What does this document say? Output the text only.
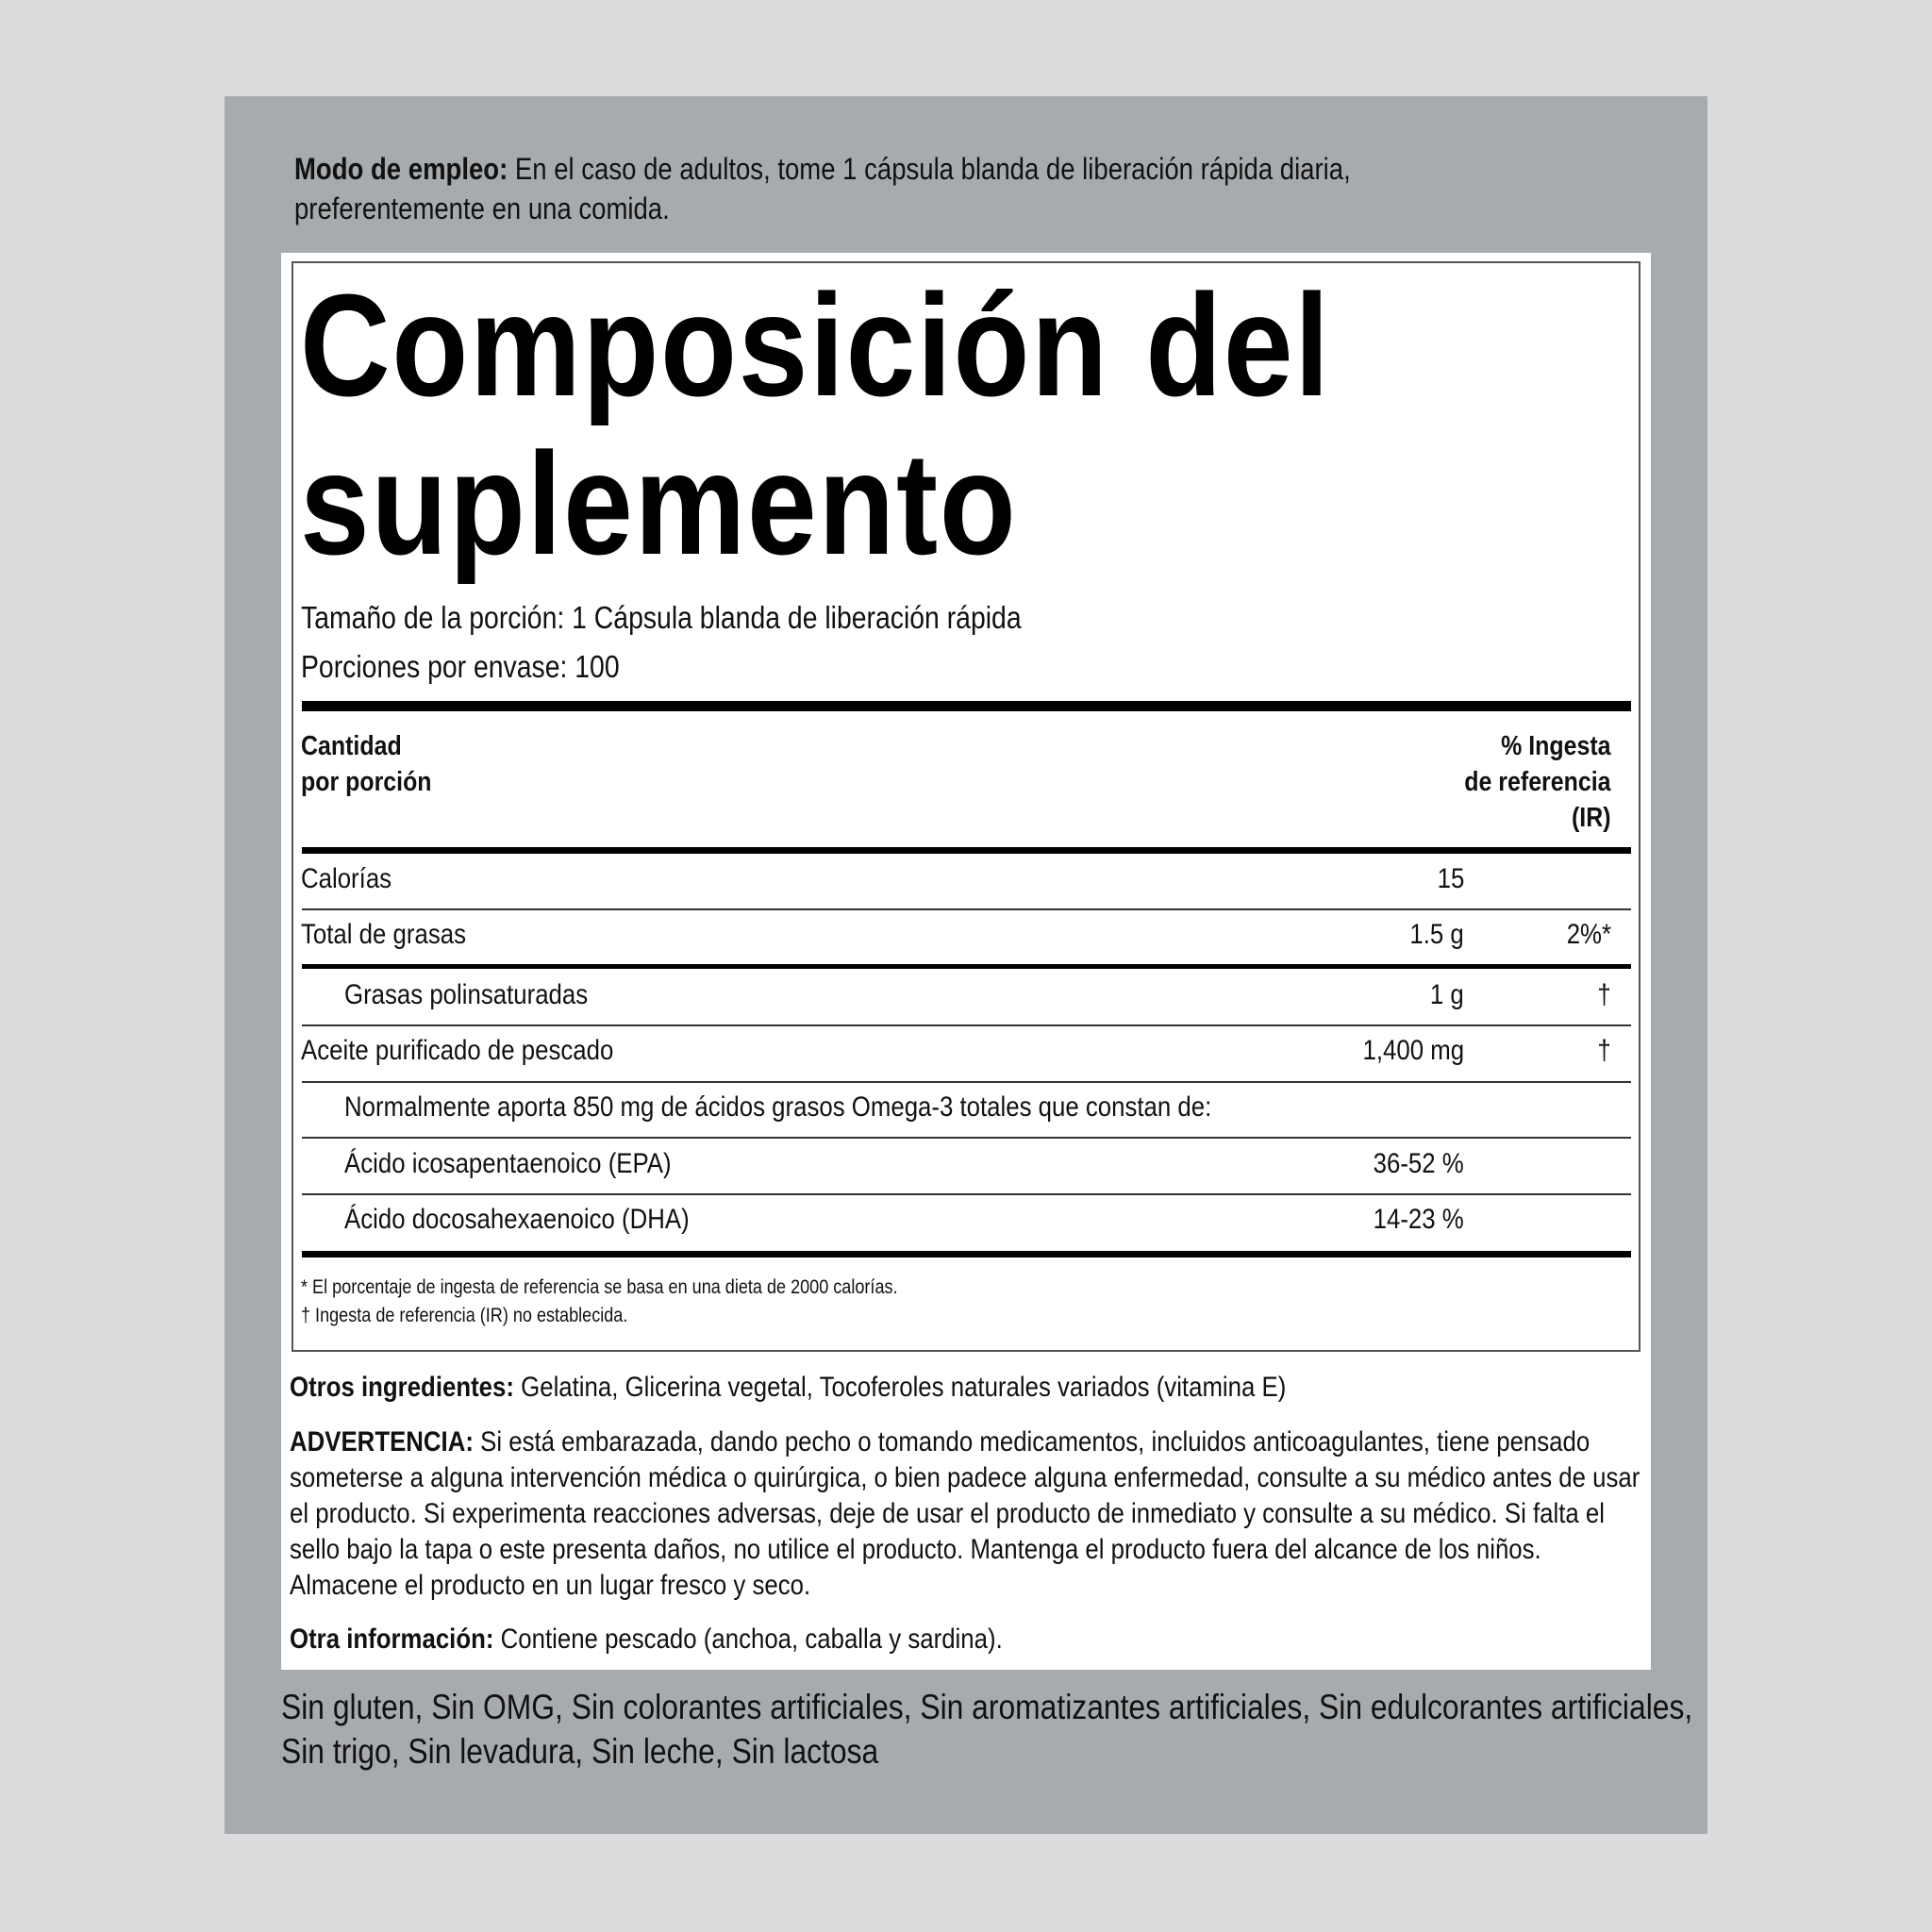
Modo de empleo: En el caso de adultos, tome 1 cápsula blanda de liberación rápida diaria, preferentemente en una comida.
Composición del
suplemento
Tamaño de la porción: 1 Cápsula blanda de liberación rápida
Porciones por envase: 100
Cantidad
por porción
% Ingesta
de referencia
(IR)
Calorías	15
Total de grasas	1.5 g	2%*
Grasas polinsaturadas	1 g	†
Aceite purificado de pescado	1,400 mg	†
Normalmente aporta 850 mg de ácidos grasos Omega-3 totales que constan de:
Ácido icosapentaenoico (EPA)	36-52 %
Ácido docosahexaenoico (DHA)	14-23 %
* El porcentaje de ingesta de referencia se basa en una dieta de 2000 calorías.
† Ingesta de referencia (IR) no establecida.
Otros ingredientes: Gelatina, Glicerina vegetal, Tocoferoles naturales variados (vitamina E)
ADVERTENCIA: Si está embarazada, dando pecho o tomando medicamentos, incluidos anticoagulantes, tiene pensado someterse a alguna intervención médica o quirúrgica, o bien padece alguna enfermedad, consulte a su médico antes de usar el producto. Si experimenta reacciones adversas, deje de usar el producto de inmediato y consulte a su médico. Si falta el sello bajo la tapa o este presenta daños, no utilice el producto. Mantenga el producto fuera del alcance de los niños. Almacene el producto en un lugar fresco y seco.
Otra información: Contiene pescado (anchoa, caballa y sardina).
Sin gluten, Sin OMG, Sin colorantes artificiales, Sin aromatizantes artificiales, Sin edulcorantes artificiales, Sin trigo, Sin levadura, Sin leche, Sin lactosa
